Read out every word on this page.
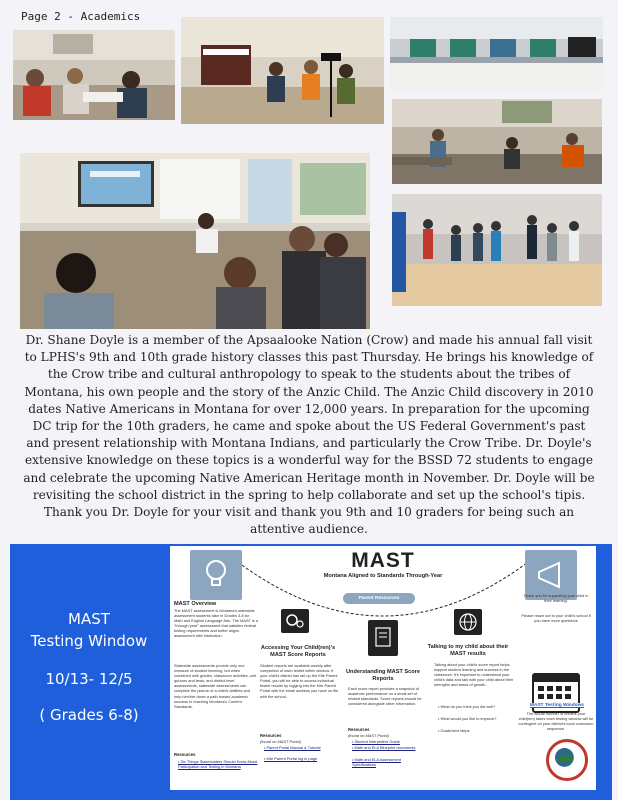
Page 2 - Academics

Dr. Shane Doyle is a member of the Apsaalooke Nation (Crow) and made his annual fall visit to LPHS's 9th and 10th grade history classes this past Thursday. He brings his knowledge of the Crow tribe and cultural anthropology to speak to the students about the tribes of Montana, his own people and the story of the Anzic Child. The Anzic Child discovery in 2010 dates Native Americans in Montana for over 12,000 years. In preparation for the upcoming DC trip for the 10th graders, he came and spoke about the US Federal Government's past and present relationship with Montana Indians, and particularly the Crow Tribe. Dr. Doyle's extensive knowledge on these topics is a wonderful way for the BSSD 72 students to engage and celebrate the upcoming Native American Heritage month in November. Dr. Doyle will be revisiting the school district in the spring to help collaborate and set up the school's tipis. Thank you Dr. Doyle for your visit and thank you 9th and 10 graders for being such an attentive audience.

MAST
Testing Window
10/13- 12/5
( Grades 6-8)
MAST
Montana Aligned to Standards Through-Year
Parent Resources
MAST Overview
The MAST assessment is Montana's statewide assessment students take in Grades 3-8 for Math and English Language Arts. The MAST is a "through year" assessment that satisfies federal testing requirements and better aligns assessment with instruction.
Statewide assessments provide only one measure of student learning, but when combined with grades, classroom activities, unit quizzes and tests, and district-level assessments, statewide assessments can complete the picture of a child's abilities and help him/her down a path toward academic success in reaching Montana's Content Standards.
Resources
• Six Things Stakeholders Should Know About Participation and Testing in Montana
Accessing Your Child(ren)'s MAST Score Reports
Student reports are available weekly after completion of each testlet within window. If your child's district has set up the Kite Parent Portal, you will be able to access individual testlet results by logging into the Kite Parent Portal with the email address you have on file with the school.
Resources
(found on MAST Portal)
• Parent Portal Manual & Tutorial
• Kite Parent Portal log in page
Understanding MAST Score Reports
Each score report provides a snapshot of academic performance on a small set of related standards. Score reports should be considered alongside other information.
Resources
(found on MAST Portal)
• Student Interpretive Guide
• Math and ELA Blueprint documents
• Math and ELA Assessment Specifications
Talking to my child about their MAST results
Talking about your child's score report helps support student learning and success in the classroom. It's important to understand your child's data and talk with your child about their strengths and areas of growth.
• What do you think you did well?
• What would you like to improve?
• Goals/next steps
Thank you for supporting your child in their learning.
Please reach out to your child's school if you have more questions
MAST Testing Windows
The actual number of testlets your child(ren) takes each testing window will be contingent on your district's local curriculum sequence.
